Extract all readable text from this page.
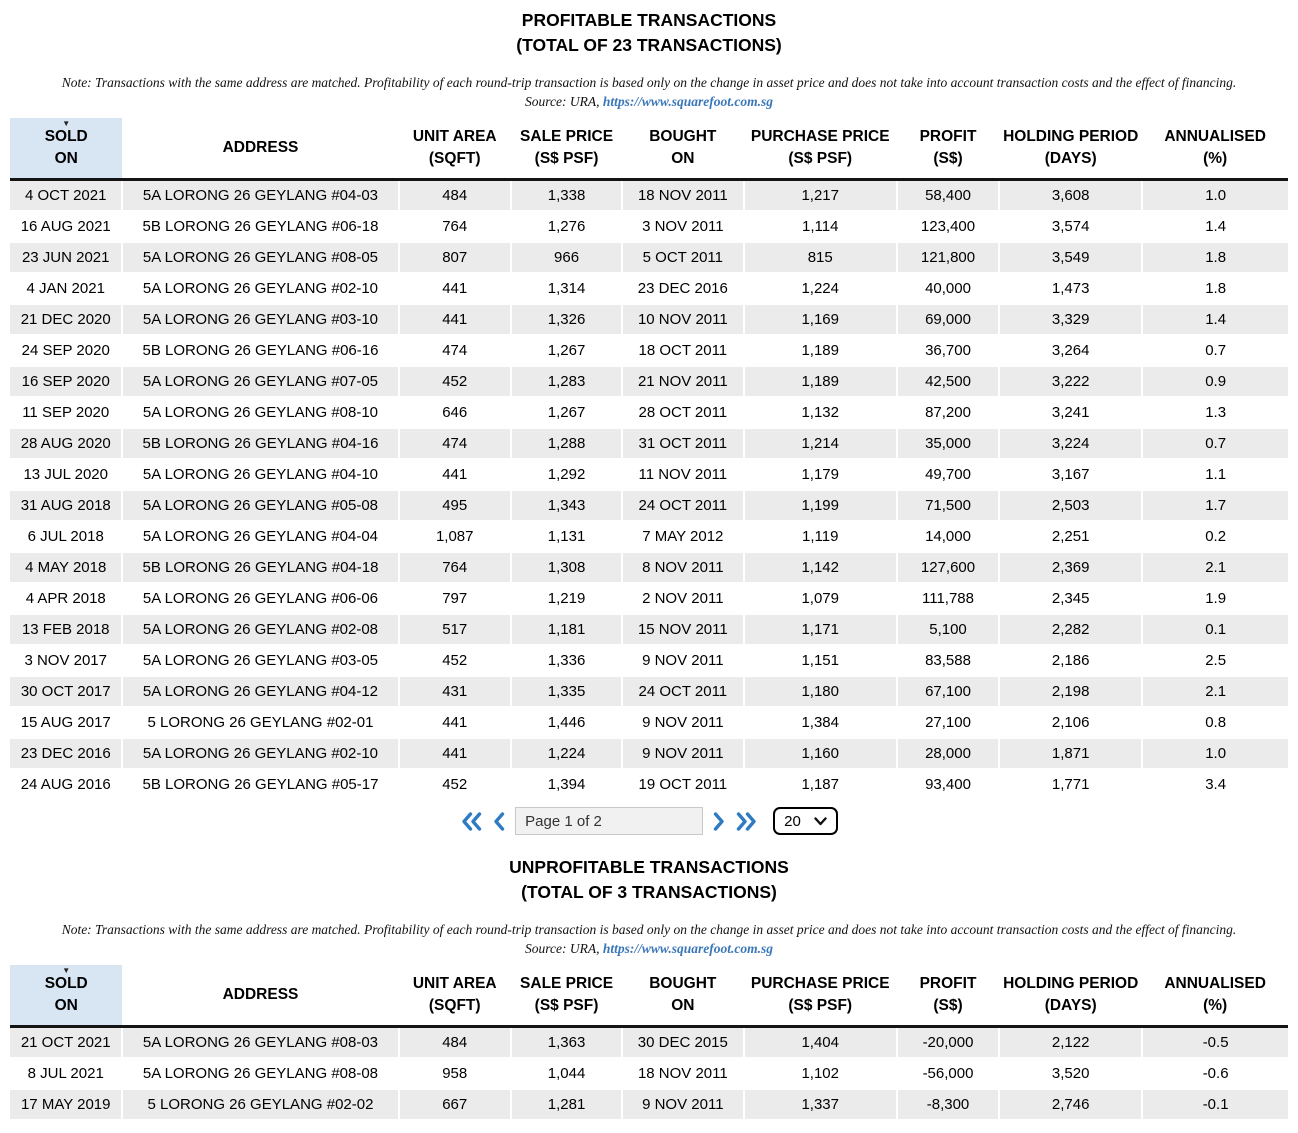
PROFITABLE TRANSACTIONS
(TOTAL OF 23 TRANSACTIONS)

Note: Transactions with the same address are matched. Profitability of each round-trip transaction is based only on the change in asset price and does not take into account transaction costs and the effect of financing.

Source: URA, https://www.squarefoot.com.sg

▼
SOLD
ON

ADDRESS

UNIT AREA
(SQFT)

SALE PRICE
(S$ PSF)

BOUGHT
ON

PURCHASE PRICE
(S$ PSF)

PROFIT
(S$)

HOLDING PERIOD
(DAYS)

ANNUALISED
(%)

4 OCT 2021	5A LORONG 26 GEYLANG #04-03	484	1,338	18 NOV 2011	1,217	58,400	3,608	1.0
16 AUG 2021	5B LORONG 26 GEYLANG #06-18	764	1,276	3 NOV 2011	1,114	123,400	3,574	1.4
23 JUN 2021	5A LORONG 26 GEYLANG #08-05	807	966	5 OCT 2011	815	121,800	3,549	1.8
4 JAN 2021	5A LORONG 26 GEYLANG #02-10	441	1,314	23 DEC 2016	1,224	40,000	1,473	1.8
21 DEC 2020	5A LORONG 26 GEYLANG #03-10	441	1,326	10 NOV 2011	1,169	69,000	3,329	1.4
24 SEP 2020	5B LORONG 26 GEYLANG #06-16	474	1,267	18 OCT 2011	1,189	36,700	3,264	0.7
16 SEP 2020	5A LORONG 26 GEYLANG #07-05	452	1,283	21 NOV 2011	1,189	42,500	3,222	0.9
11 SEP 2020	5A LORONG 26 GEYLANG #08-10	646	1,267	28 OCT 2011	1,132	87,200	3,241	1.3
28 AUG 2020	5B LORONG 26 GEYLANG #04-16	474	1,288	31 OCT 2011	1,214	35,000	3,224	0.7
13 JUL 2020	5A LORONG 26 GEYLANG #04-10	441	1,292	11 NOV 2011	1,179	49,700	3,167	1.1
31 AUG 2018	5A LORONG 26 GEYLANG #05-08	495	1,343	24 OCT 2011	1,199	71,500	2,503	1.7
6 JUL 2018	5A LORONG 26 GEYLANG #04-04	1,087	1,131	7 MAY 2012	1,119	14,000	2,251	0.2
4 MAY 2018	5B LORONG 26 GEYLANG #04-18	764	1,308	8 NOV 2011	1,142	127,600	2,369	2.1
4 APR 2018	5A LORONG 26 GEYLANG #06-06	797	1,219	2 NOV 2011	1,079	111,788	2,345	1.9
13 FEB 2018	5A LORONG 26 GEYLANG #02-08	517	1,181	15 NOV 2011	1,171	5,100	2,282	0.1
3 NOV 2017	5A LORONG 26 GEYLANG #03-05	452	1,336	9 NOV 2011	1,151	83,588	2,186	2.5
30 OCT 2017	5A LORONG 26 GEYLANG #04-12	431	1,335	24 OCT 2011	1,180	67,100	2,198	2.1
15 AUG 2017	5 LORONG 26 GEYLANG #02-01	441	1,446	9 NOV 2011	1,384	27,100	2,106	0.8
23 DEC 2016	5A LORONG 26 GEYLANG #02-10	441	1,224	9 NOV 2011	1,160	28,000	1,871	1.0
24 AUG 2016	5B LORONG 26 GEYLANG #05-17	452	1,394	19 OCT 2011	1,187	93,400	1,771	3.4
Page 1 of 2
20
UNPROFITABLE TRANSACTIONS
(TOTAL OF 3 TRANSACTIONS)

Note: Transactions with the same address are matched. Profitability of each round-trip transaction is based only on the change in asset price and does not take into account transaction costs and the effect of financing.

Source: URA, https://www.squarefoot.com.sg

▼
SOLD
ON

ADDRESS

UNIT AREA
(SQFT)

SALE PRICE
(S$ PSF)

BOUGHT
ON

PURCHASE PRICE
(S$ PSF)

PROFIT
(S$)

HOLDING PERIOD
(DAYS)

ANNUALISED
(%)

21 OCT 2021	5A LORONG 26 GEYLANG #08-03	484	1,363	30 DEC 2015	1,404	-20,000	2,122	-0.5
8 JUL 2021	5A LORONG 26 GEYLANG #08-08	958	1,044	18 NOV 2011	1,102	-56,000	3,520	-0.6
17 MAY 2019	5 LORONG 26 GEYLANG #02-02	667	1,281	9 NOV 2011	1,337	-8,300	2,746	-0.1
